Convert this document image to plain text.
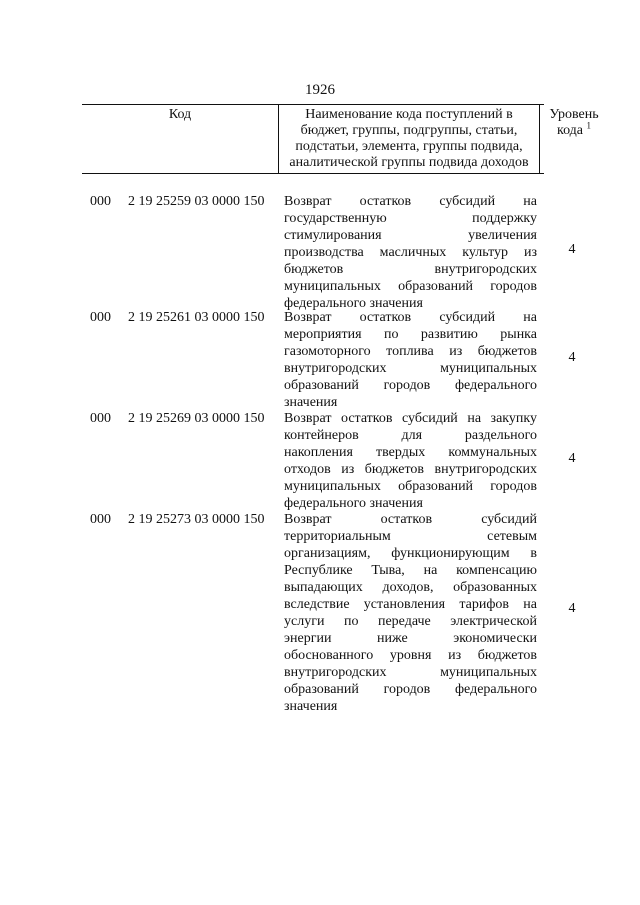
1926
Код	Наименование кода поступлений в
бюджет, группы, подгруппы, статьи,
подстатьи, элемента, группы подвида,
аналитической группы подвида доходов
Уровень
кода $^1$
000 2 19 25259 03 0000 150 Возврат остатков субсидий на
государственную поддержку
стимулирования увеличения
производства масличных культур из
бюджетов внутригородских
муниципальных образований городов
федерального значения
4
000 2 19 25261 03 0000 150 Возврат остатков субсидий на
мероприятия по развитию рынка
газомоторного топлива из бюджетов
внутригородских муниципальных
образований городов федерального
значения
4
000 2 19 25269 03 0000 150 Возврат остатков субсидий на закупку
контейнеров для раздельного
накопления твердых коммунальных
отходов из бюджетов внутригородских
муниципальных образований городов
федерального значения
4
000 2 19 25273 03 0000 150 Возврат остатков субсидий
территориальным сетевым
организациям, функционирующим в
Республике Тыва, на компенсацию
выпадающих доходов, образованных
вследствие установления тарифов на
услуги по передаче электрической
энергии ниже экономически
обоснованного уровня из бюджетов
внутригородских муниципальных
образований городов федерального
значения
4
